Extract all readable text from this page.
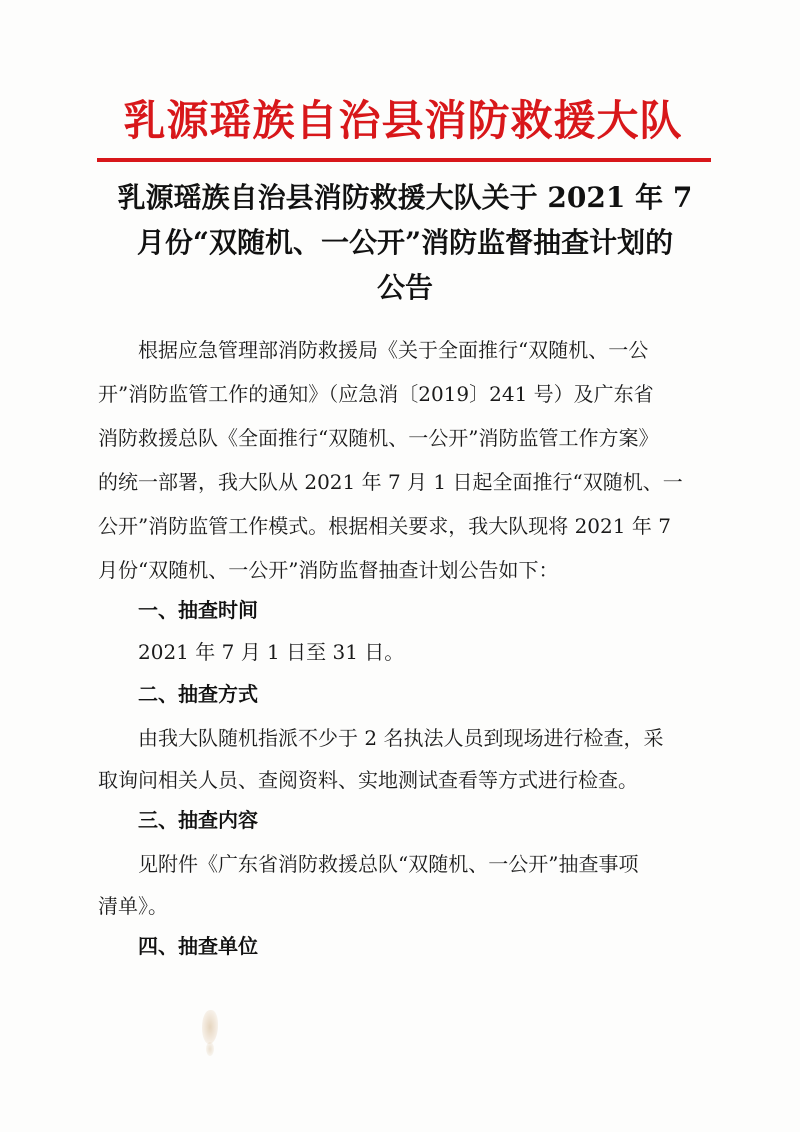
乳源瑶族自治县消防救援大队
乳源瑶族自治县消防救援大队关于 2021 年 7
月份“双随机、一公开”消防监督抽查计划的
公告
根据应急管理部消防救援局《关于全面推行“双随机、一公
开”消防监管工作的通知》（应急消〔2019〕241 号）及广东省
消防救援总队《全面推行“双随机、一公开”消防监管工作方案》
的统一部署，我大队从 2021 年 7 月 1 日起全面推行“双随机、一
公开”消防监管工作模式。根据相关要求，我大队现将 2021 年 7
月份“双随机、一公开”消防监督抽查计划公告如下：
一、抽查时间
2021 年 7 月 1 日至 31 日。
二、抽查方式
由我大队随机指派不少于 2 名执法人员到现场进行检查，采
取询问相关人员、查阅资料、实地测试查看等方式进行检查。
三、抽查内容
见附件《广东省消防救援总队“双随机、一公开”抽查事项
清单》。
四、抽查单位
